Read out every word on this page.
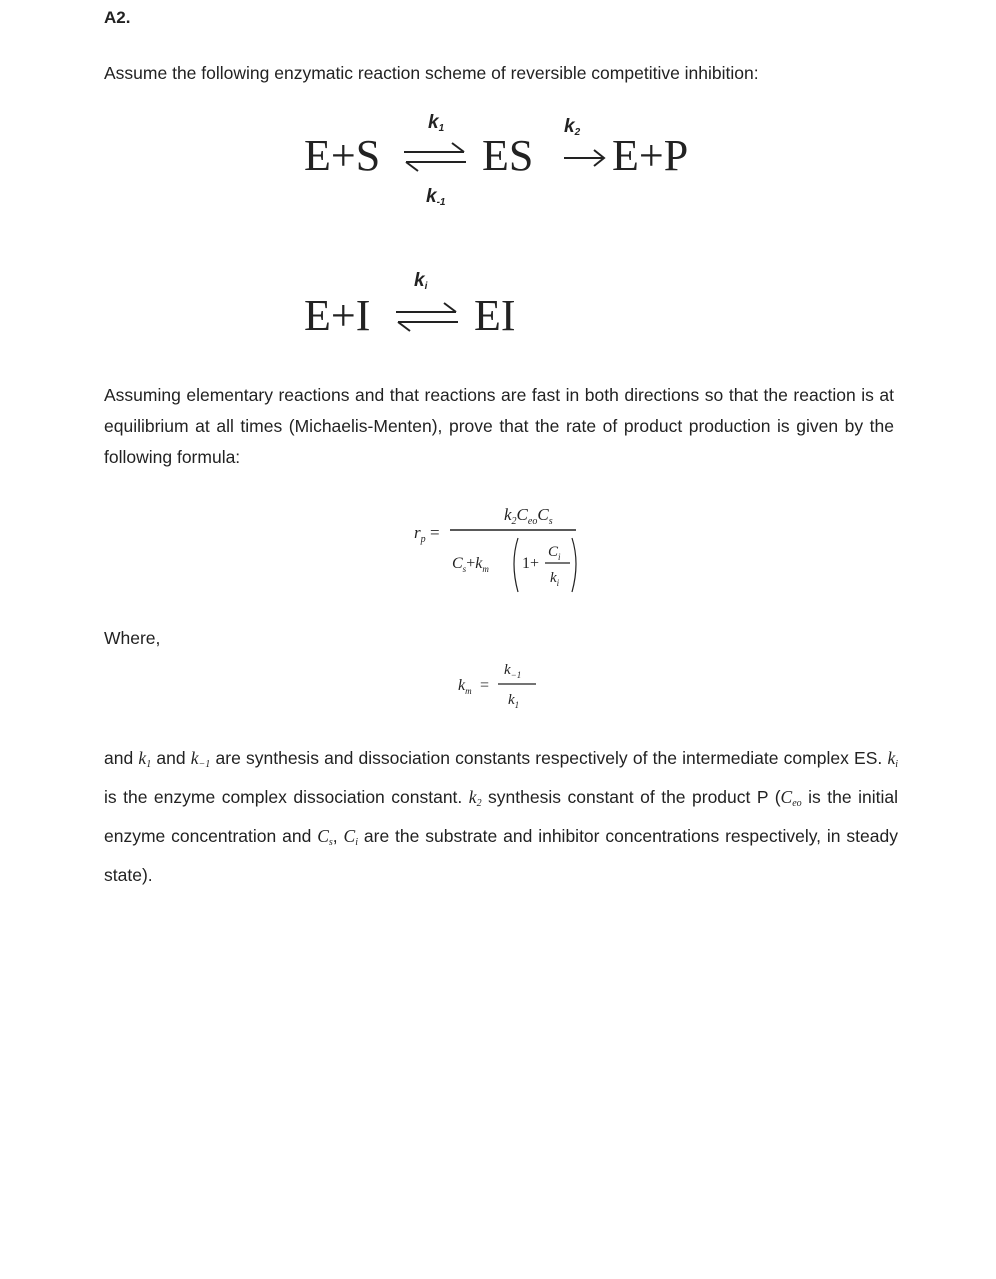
A2.
Assume the following enzymatic reaction scheme of reversible competitive inhibition:
E+S
$k_1$
$k_{-1}$
ES
$k_2$ E+P
E+I
$k_i$
EI
Assuming elementary reactions and that reactions are fast in both directions so that the reaction is at equilibrium at all times (Michaelis-Menten), prove that the rate of product production is given by the following formula:
$r_p$ =
$k_2C_{eo}C_s$
$C_s+k_m$ 1+
$C_i$
$k_i$
Where,
$k_m$ =
$k_{-1}$
$k_1$
and $k_1$ and $k_{-1}$ are synthesis and dissociation constants respectively of the intermediate complex ES. $k_i$ is the enzyme complex dissociation constant. $k_2$ synthesis constant of the product P ($C_{eo}$ is the initial enzyme concentration and $C_s$, $C_i$ are the substrate and inhibitor concentrations respectively, in steady state).
